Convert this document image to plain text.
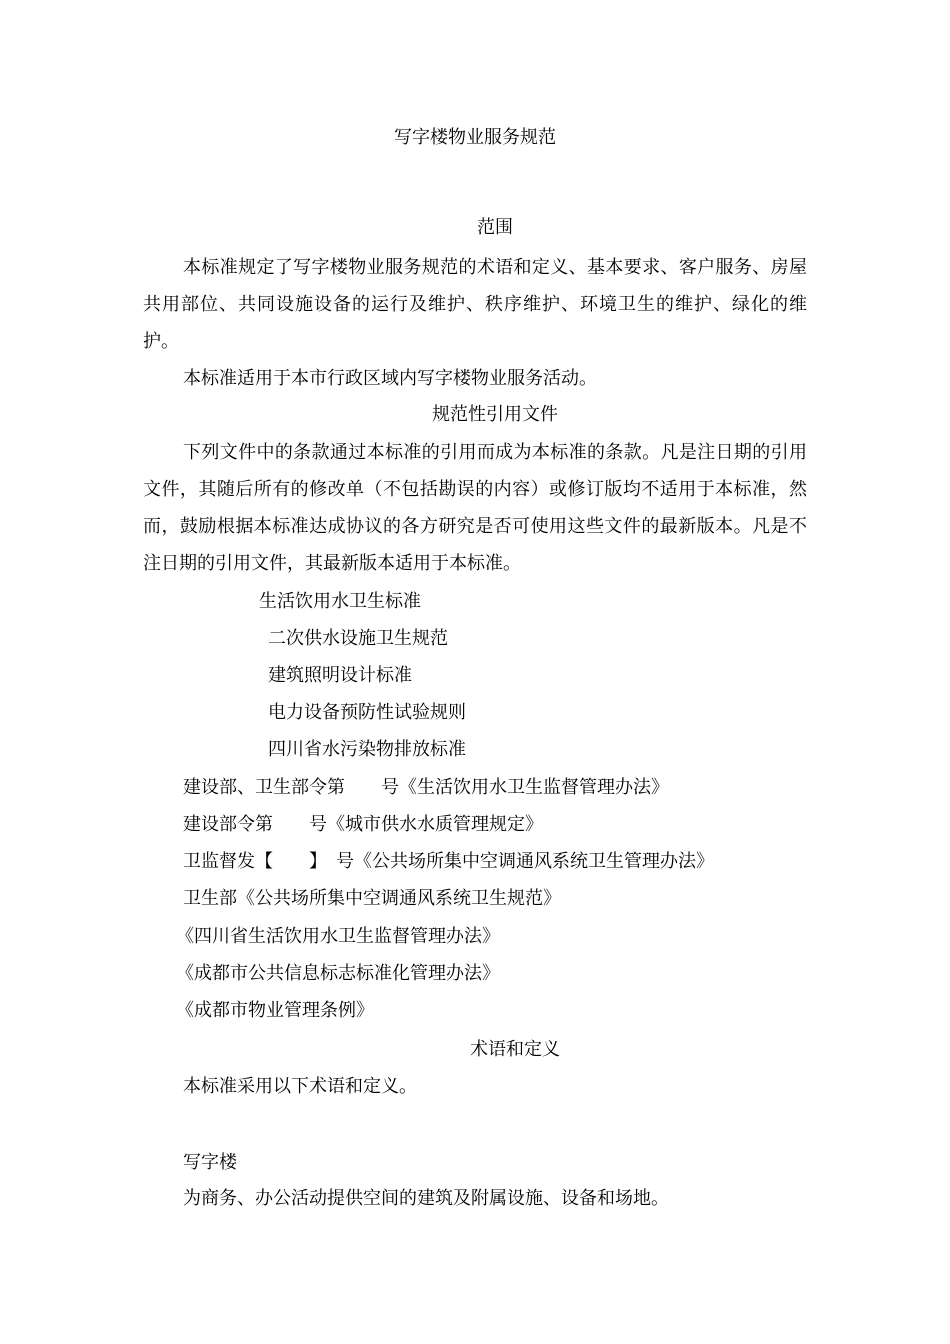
写字楼物业服务规范
范围
本标准规定了写字楼物业服务规范的术语和定义、基本要求、客户服务、房屋共用部位、共同设施设备的运行及维护、秩序维护、环境卫生的维护、绿化的维护。
本标准适用于本市行政区域内写字楼物业服务活动。
规范性引用文件
下列文件中的条款通过本标准的引用而成为本标准的条款。凡是注日期的引用文件，其随后所有的修改单（不包括勘误的内容）或修订版均不适用于本标准，然而，鼓励根据本标准达成协议的各方研究是否可使用这些文件的最新版本。凡是不注日期的引用文件，其最新版本适用于本标准。
生活饮用水卫生标准
二次供水设施卫生规范
建筑照明设计标准
电力设备预防性试验规则
四川省水污染物排放标准
建设部、卫生部令第　　号《生活饮用水卫生监督管理办法》
建设部令第　　号《城市供水水质管理规定》
卫监督发【　　】　号《公共场所集中空调通风系统卫生管理办法》
卫生部《公共场所集中空调通风系统卫生规范》
《四川省生活饮用水卫生监督管理办法》
《成都市公共信息标志标准化管理办法》
《成都市物业管理条例》
术语和定义
本标准采用以下术语和定义。
写字楼
为商务、办公活动提供空间的建筑及附属设施、设备和场地。
